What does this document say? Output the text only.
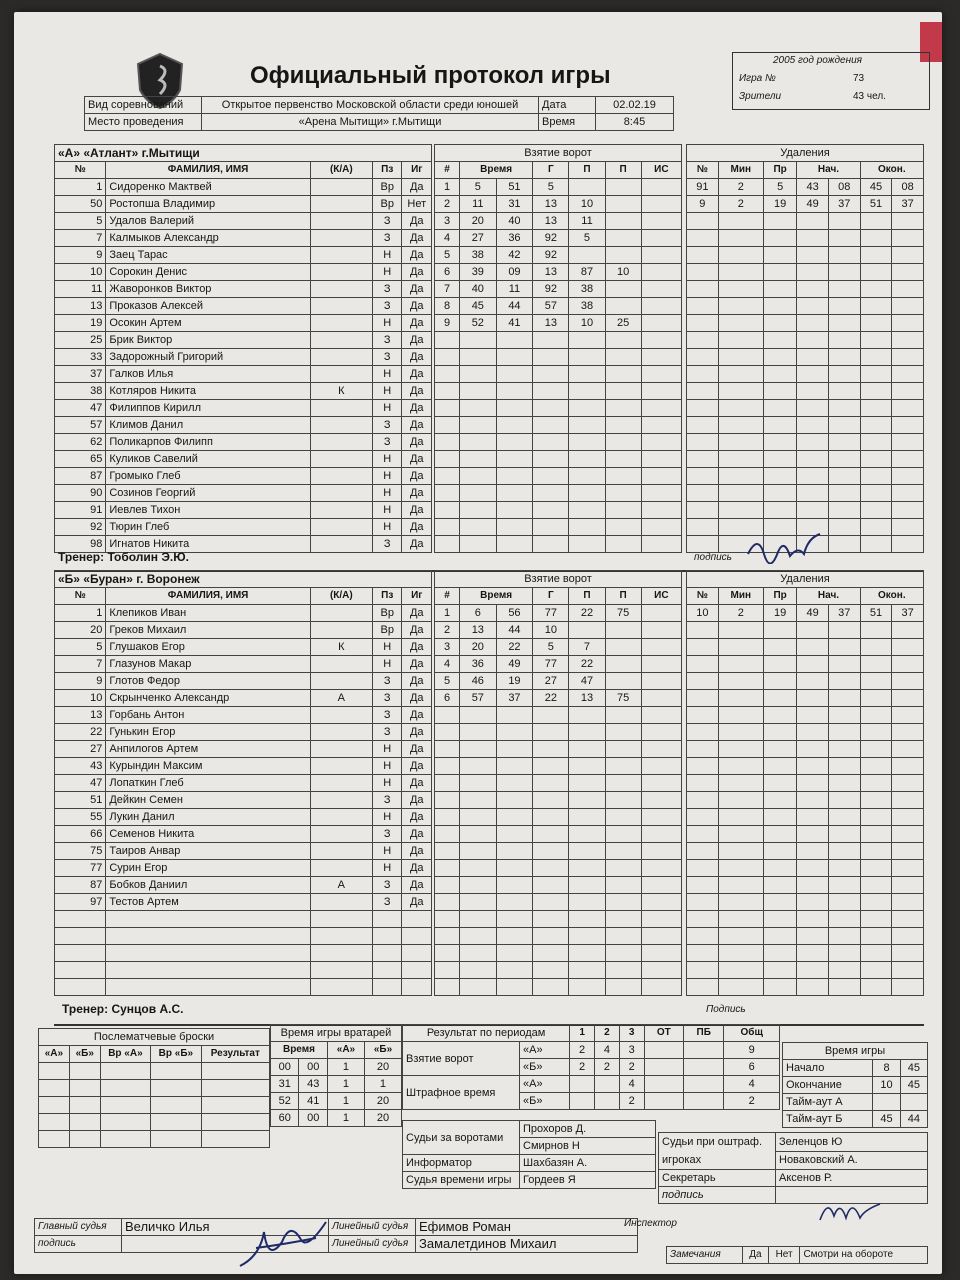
Официальный протокол игры
2005 год рождения
Игра №	73
Зрители	43 чел.
Вид соревнований	Открытое первенство Московской области среди юношей	Дата	02.02.19
Место проведения	«Арена Мытищи» г.Мытищи	Время	8:45
«А» «Атлант» г.Мытищи				
№	ФАМИЛИЯ, ИМЯ	(К/А)	Пз	Иг
1	Сидоренко Мактвей		Вр	Да
50	Ростопша Владимир		Вр	Нет
5	Удалов Валерий		З	Да
7	Калмыков Александр		З	Да
9	Заец Тарас		Н	Да
10	Сорокин Денис		Н	Да
11	Жаворонков Виктор		З	Да
13	Проказов Алексей		З	Да
19	Осокин Артем		Н	Да
25	Брик Виктор		З	Да
33	Задорожный Григорий		З	Да
37	Галков Илья		Н	Да
38	Котляров Никита	К	Н	Да
47	Филиппов Кирилл		Н	Да
57	Климов Данил		З	Да
62	Поликарпов Филипп		З	Да
65	Куликов Савелий		Н	Да
87	Громыко Глеб		Н	Да
90	Созинов Георгий		Н	Да
91	Иевлев Тихон		Н	Да
92	Тюрин Глеб		Н	Да
98	Игнатов Никита		З	Да
Взятие ворот						
#	Время		Г	П	П	ИС
1	5	51	5			
2	11	31	13	10		
3	20	40	13	11		
4	27	36	92	5		
5	38	42	92			
6	39	09	13	87	10	
7	40	11	92	38		
8	45	44	57	38		
9	52	41	13	10	25	

Удаления						
№	Мин	Пр	Нач.		Окон.	
91	2	5	43	08	45	08
9	2	19	49	37	51	37

Тренер: Тоболин Э.Ю.	подпись
«Б» «Буран» г. Воронеж				
№	ФАМИЛИЯ, ИМЯ	(К/А)	Пз	Иг
1	Клепиков Иван		Вр	Да
20	Греков Михаил		Вр	Да
5	Глушаков Егор	К	Н	Да
7	Глазунов Макар		Н	Да
9	Глотов Федор		З	Да
10	Скрынченко Александр	А	З	Да
13	Горбань Антон		З	Да
22	Гунькин Егор		З	Да
27	Анпилогов Артем		Н	Да
43	Курындин Максим		Н	Да
47	Лопаткин Глеб		Н	Да
51	Дейкин Семен		З	Да
55	Лукин Данил		Н	Да
66	Семенов Никита		З	Да
75	Таиров Анвар		Н	Да
77	Сурин Егор		Н	Да
87	Бобков Даниил	А	З	Да
97	Тестов Артем		З	Да

Взятие ворот						
#	Время		Г	П	П	ИС
1	6	56	77	22	75	
2	13	44	10			
3	20	22	5	7		
4	36	49	77	22		
5	46	19	27	47		
6	57	37	22	13	75	

Удаления						
№	Мин	Пр	Нач.		Окон.	
10	2	19	49	37	51	37

Тренер: Сунцов А.С.	Подпись
Послематчевые броски				
«А»	«Б»	Вр «А»	Вр «Б»	Результат

Время игры вратарей			
Время		«А»	«Б»
00	00	1	20
31	43	1	1
52	41	1	20
60	00	1	20
Результат по периодам		1	2	3	ОТ	ПБ	Общ
Взятие ворот	«А»	2	4	3			9
	«Б»	2	2	2			6
Штрафное время	«А»			4			4
	«Б»			2			2
Время игры		
Начало	8	45
Окончание	10	45
Тайм-аут А		
Тайм-аут Б	45	44
Судьи за воротами	Прохоров Д.
	Смирнов Н
Информатор	Шахбазян А.
Судья времени игры	Гордеев Я
Судьи при оштраф. игроках	Зеленцов Ю
	Новаковский А.
Секретарь	Аксенов Р.
подпись	
Главный судья	Величко Илья	Линейный судья	Ефимов Роман
подпись		Линейный судья	Замалетдинов Михаил
Инспектор
Замечания	Да	Нет	Смотри на обороте
